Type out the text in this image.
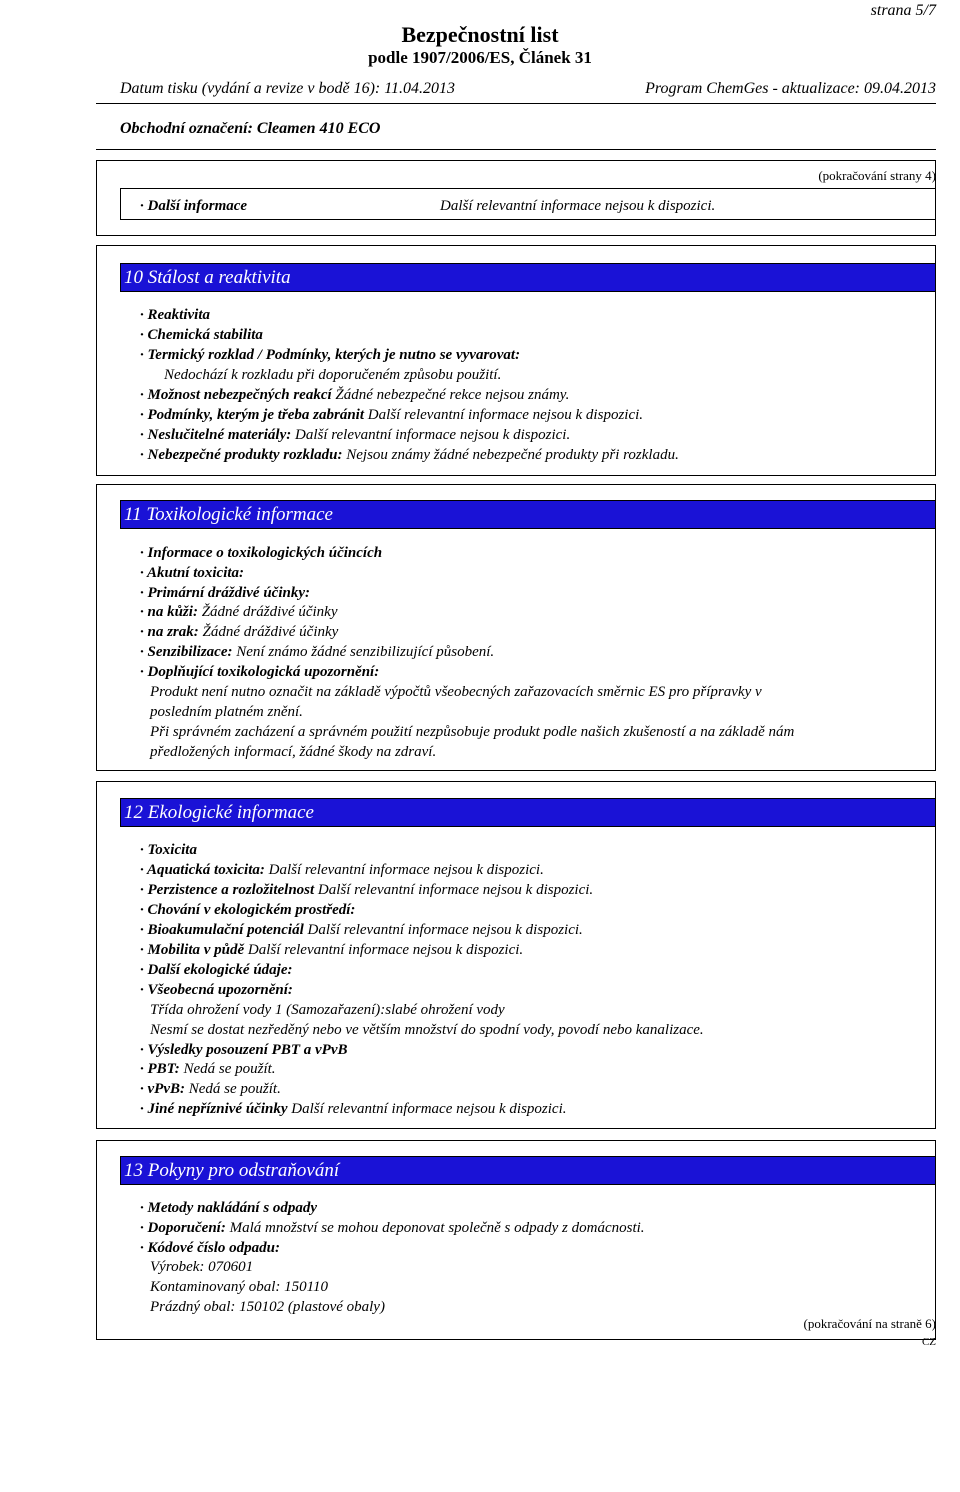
strana 5/7
Bezpečnostní list
podle 1907/2006/ES, Článek 31
Datum tisku (vydání a revize v bodě 16): 11.04.2013	Program ChemGes - aktualizace: 09.04.2013
Obchodní označení: Cleamen 410 ECO
(pokračování strany 4)
· Další informace	Další relevantní informace nejsou k dispozici.
10 Stálost a reaktivita
· Reaktivita
· Chemická stabilita
· Termický rozklad / Podmínky, kterých je nutno se vyvarovat:
Nedochází k rozkladu při doporučeném způsobu použití.
· Možnost nebezpečných reakcí Žádné nebezpečné rekce nejsou známy.
· Podmínky, kterým je třeba zabránit Další relevantní informace nejsou k dispozici.
· Neslučitelné materiály: Další relevantní informace nejsou k dispozici.
· Nebezpečné produkty rozkladu: Nejsou známy žádné nebezpečné produkty při rozkladu.
11 Toxikologické informace
· Informace o toxikologických účincích
· Akutní toxicita:
· Primární dráždivé účinky:
· na kůži: Žádné dráždivé účinky
· na zrak: Žádné dráždivé účinky
· Senzibilizace: Není známo žádné senzibilizující působení.
· Doplňující toxikologická upozornění:
Produkt není nutno označit na základě výpočtů všeobecných zařazovacích směrnic ES pro přípravky v
posledním platném znění.
Při správném zacházení a správném použití nezpůsobuje produkt podle našich zkušeností a na základě nám
předložených informací, žádné škody na zdraví.
12 Ekologické informace
· Toxicita
· Aquatická toxicita: Další relevantní informace nejsou k dispozici.
· Perzistence a rozložitelnost Další relevantní informace nejsou k dispozici.
· Chování v ekologickém prostředí:
· Bioakumulační potenciál Další relevantní informace nejsou k dispozici.
· Mobilita v půdě Další relevantní informace nejsou k dispozici.
· Další ekologické údaje:
· Všeobecná upozornění:
Třída ohrožení vody 1 (Samozařazení):slabé ohrožení vody
Nesmí se dostat nezředěný nebo ve větším množství do spodní vody, povodí nebo kanalizace.
· Výsledky posouzení PBT a vPvB
· PBT: Nedá se použít.
· vPvB: Nedá se použít.
· Jiné nepříznivé účinky Další relevantní informace nejsou k dispozici.
13 Pokyny pro odstraňování
· Metody nakládání s odpady
· Doporučení: Malá množství se mohou deponovat společně s odpady z domácnosti.
· Kódové číslo odpadu:
Výrobek: 070601
Kontaminovaný obal: 150110
Prázdný obal: 150102 (plastové obaly)
(pokračování na straně 6)
CZ
